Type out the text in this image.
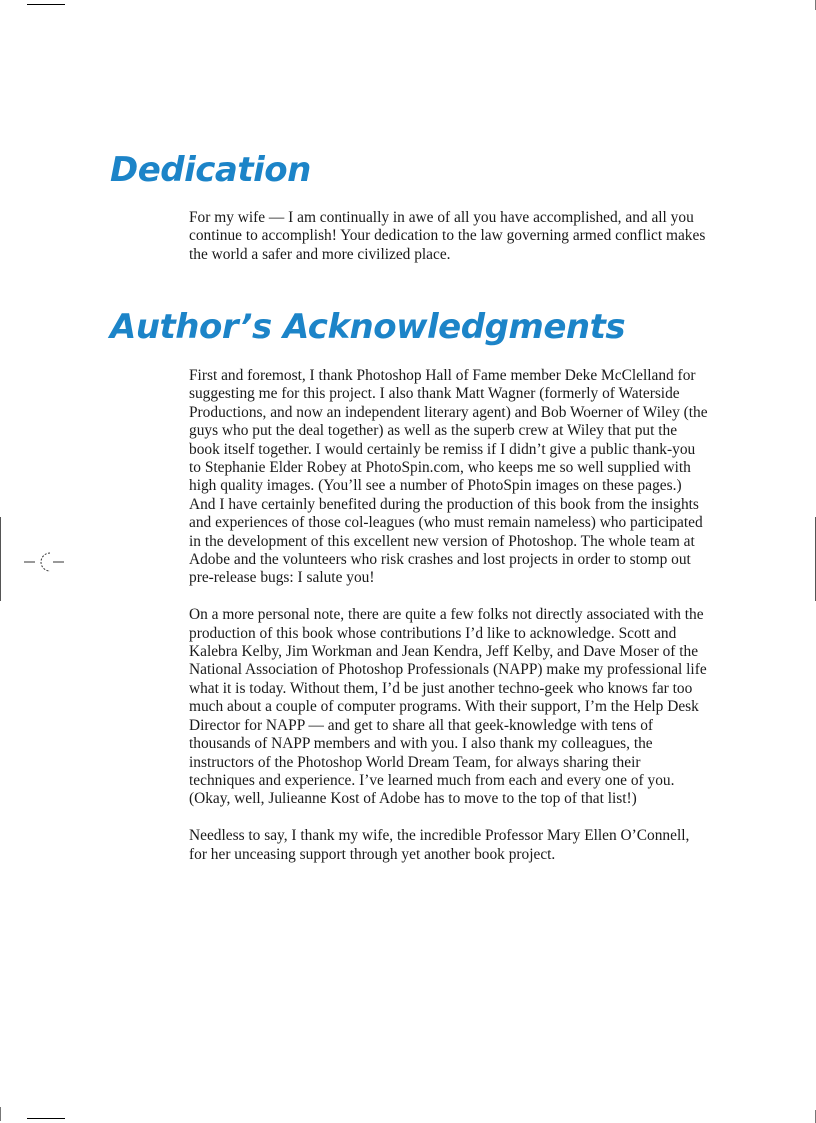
Dedication

For my wife — I am continually in awe of all you have accomplished, and all you continue to accomplish! Your dedication to the law governing armed conflict makes the world a safer and more civilized place.

Author’s Acknowledgments

First and foremost, I thank Photoshop Hall of Fame member Deke McClelland for suggesting me for this project. I also thank Matt Wagner (formerly of Waterside Productions, and now an independent literary agent) and Bob Woerner of Wiley (the guys who put the deal together) as well as the superb crew at Wiley that put the book itself together. I would certainly be remiss if I didn’t give a public thank-you to Stephanie Elder Robey at PhotoSpin.com, who keeps me so well supplied with high quality images. (You’ll see a number of PhotoSpin images on these pages.) And I have certainly benefited during the production of this book from the insights and experiences of those col-leagues (who must remain nameless) who participated in the development of this excellent new version of Photoshop. The whole team at Adobe and the volunteers who risk crashes and lost projects in order to stomp out pre-release bugs: I salute you!

On a more personal note, there are quite a few folks not directly associated with the production of this book whose contributions I’d like to acknowledge. Scott and Kalebra Kelby, Jim Workman and Jean Kendra, Jeff Kelby, and Dave Moser of the National Association of Photoshop Professionals (NAPP) make my professional life what it is today. Without them, I’d be just another techno-geek who knows far too much about a couple of computer programs. With their support, I’m the Help Desk Director for NAPP — and get to share all that geek-knowledge with tens of thousands of NAPP members and with you. I also thank my colleagues, the instructors of the Photoshop World Dream Team, for always sharing their techniques and experience. I’ve learned much from each and every one of you. (Okay, well, Julieanne Kost of Adobe has to move to the top of that list!)

Needless to say, I thank my wife, the incredible Professor Mary Ellen O’Connell, for her unceasing support through yet another book project.
